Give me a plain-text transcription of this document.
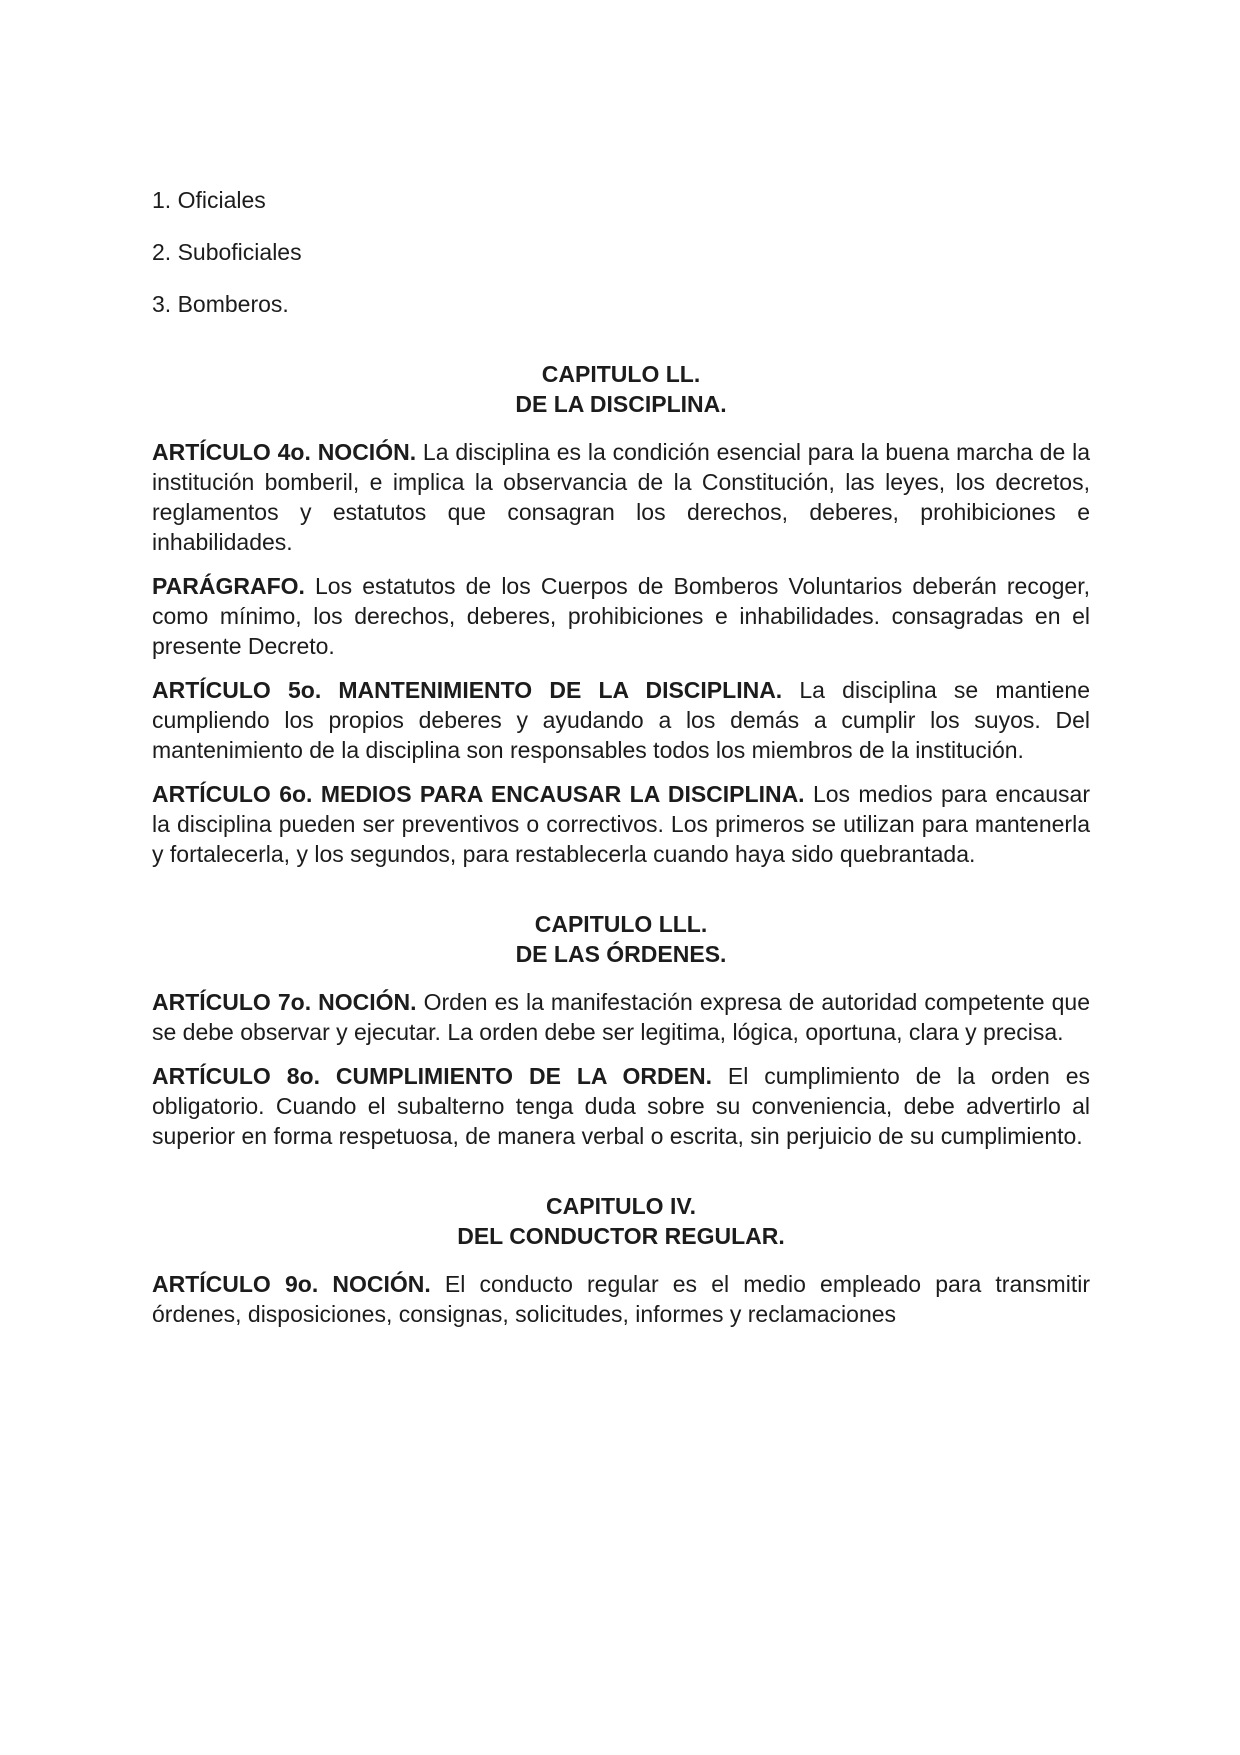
1. Oficiales

2. Suboficiales

3. Bomberos.

CAPITULO LL.
DE LA DISCIPLINA.

ARTÍCULO 4o. NOCIÓN. La disciplina es la condición esencial para la buena marcha de la institución bomberil, e implica la observancia de la Constitución, las leyes, los decretos, reglamentos y estatutos que consagran los derechos, deberes, prohibiciones e inhabilidades.

PARÁGRAFO. Los estatutos de los Cuerpos de Bomberos Voluntarios deberán recoger, como mínimo, los derechos, deberes, prohibiciones e inhabilidades. consagradas en el presente Decreto.

ARTÍCULO 5o. MANTENIMIENTO DE LA DISCIPLINA. La disciplina se mantiene cumpliendo los propios deberes y ayudando a los demás a cumplir los suyos. Del mantenimiento de la disciplina son responsables todos los miembros de la institución.

ARTÍCULO 6o. MEDIOS PARA ENCAUSAR LA DISCIPLINA. Los medios para encausar la disciplina pueden ser preventivos o correctivos. Los primeros se utilizan para mantenerla y fortalecerla, y los segundos, para restablecerla cuando haya sido quebrantada.

CAPITULO LLL.
DE LAS ÓRDENES.

ARTÍCULO 7o. NOCIÓN. Orden es la manifestación expresa de autoridad competente que se debe observar y ejecutar. La orden debe ser legitima, lógica, oportuna, clara y precisa.

ARTÍCULO 8o. CUMPLIMIENTO DE LA ORDEN. El cumplimiento de la orden es obligatorio. Cuando el subalterno tenga duda sobre su conveniencia, debe advertirlo al superior en forma respetuosa, de manera verbal o escrita, sin perjuicio de su cumplimiento.

CAPITULO IV.
DEL CONDUCTOR REGULAR.

ARTÍCULO 9o. NOCIÓN. El conducto regular es el medio empleado para transmitir órdenes, disposiciones, consignas, solicitudes, informes y reclamaciones
